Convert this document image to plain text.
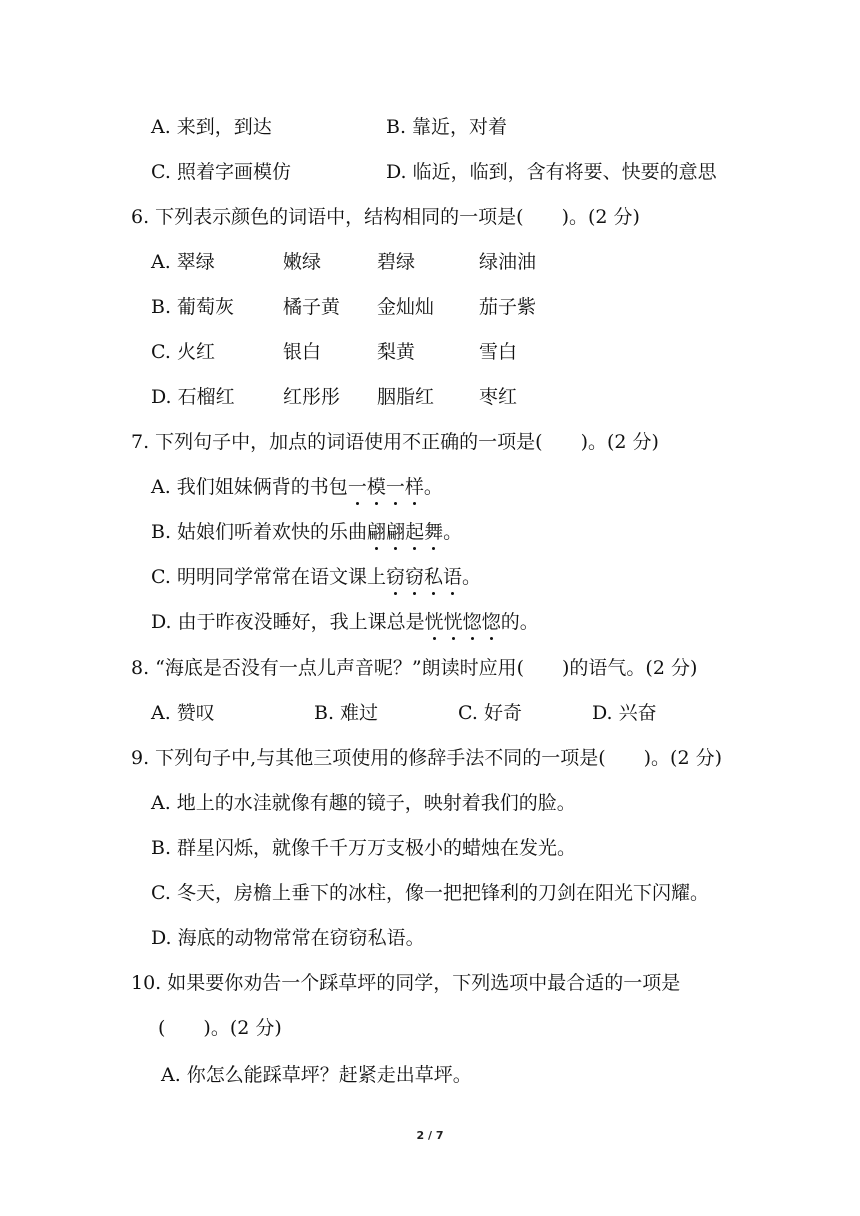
A. 来到，到达	B. 靠近，对着
C. 照着字画模仿	D. 临近，临到，含有将要、快要的意思
6. 下列表示颜色的词语中，结构相同的一项是(　　)。(2 分)
A. 翠绿	嫩绿	碧绿	绿油油
B. 葡萄灰	橘子黄 金灿灿 茄子紫
C. 火红	银白	梨黄	雪白
D. 石榴红	红彤彤 胭脂红 枣红
7. 下列句子中，加点的词语使用不正确的一项是(　　)。(2 分)
A. 我们姐妹俩背的书包一模一样。
B. 姑娘们听着欢快的乐曲翩翩起舞。
C. 明明同学常常在语文课上窃窃私语。
D. 由于昨夜没睡好，我上课总是恍恍惚惚的。
8. “海底是否没有一点儿声音呢？”朗读时应用(　　)的语气。(2 分)
A. 赞叹	B. 难过	C. 好奇	D. 兴奋
9. 下列句子中,与其他三项使用的修辞手法不同的一项是(　　)。(2 分)
A. 地上的水洼就像有趣的镜子，映射着我们的脸。
B. 群星闪烁，就像千千万万支极小的蜡烛在发光。
C. 冬天，房檐上垂下的冰柱，像一把把锋利的刀剑在阳光下闪耀。
D. 海底的动物常常在窃窃私语。
10. 如果要你劝告一个踩草坪的同学，下列选项中最合适的一项是
(　　)。(2 分)
A. 你怎么能踩草坪？赶紧走出草坪。
2 / 7
